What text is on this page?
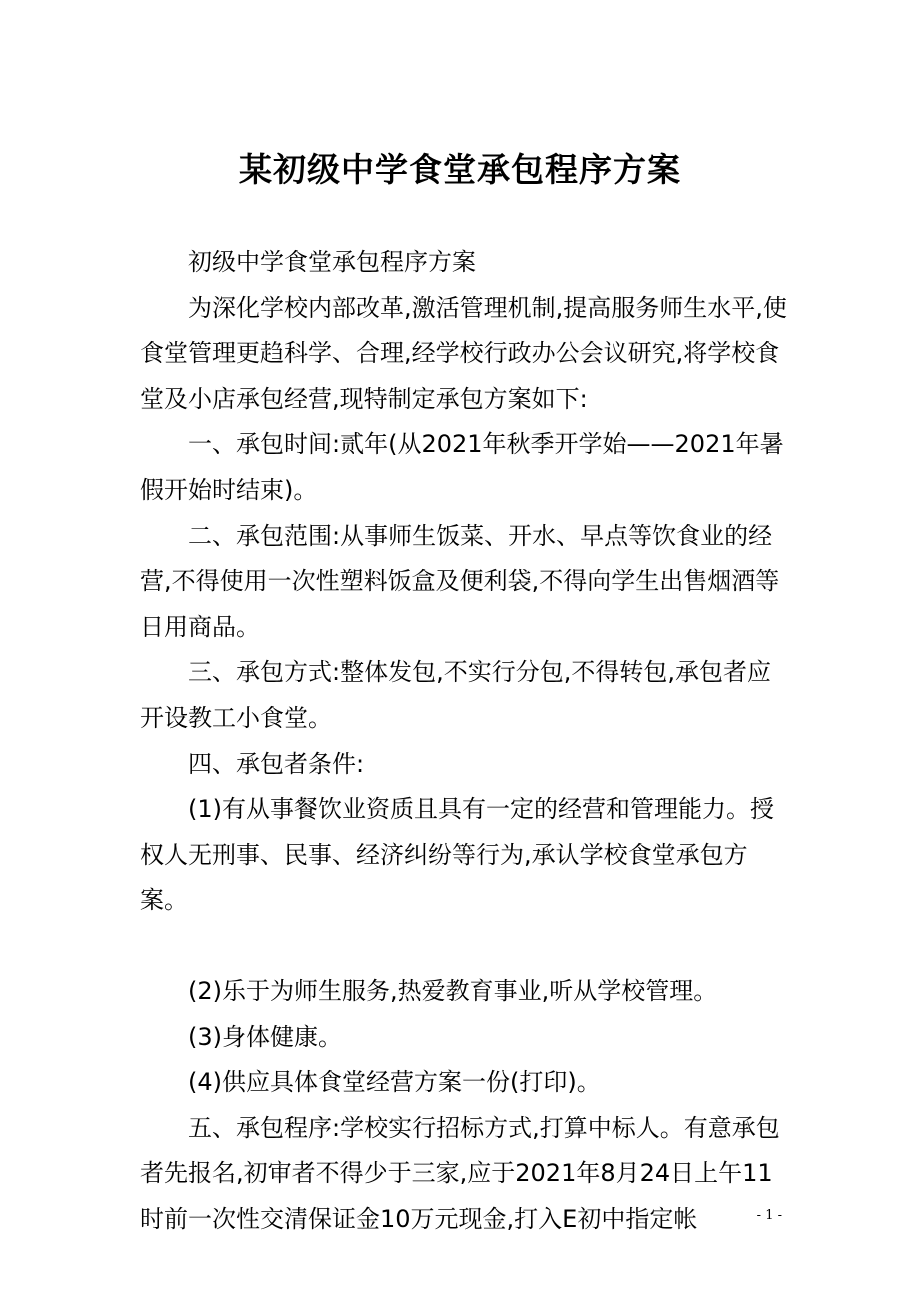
某初级中学食堂承包程序方案

初级中学食堂承包程序方案

为深化学校内部改革,激活管理机制,提高服务师生水平,使食堂管理更趋科学、合理,经学校行政办公会议研究,将学校食堂及小店承包经营,现特制定承包方案如下:

一、承包时间:贰年(从2021年秋季开学始——2021年暑假开始时结束)。

二、承包范围:从事师生饭菜、开水、早点等饮食业的经营,不得使用一次性塑料饭盒及便利袋,不得向学生出售烟酒等日用商品。

三、承包方式:整体发包,不实行分包,不得转包,承包者应开设教工小食堂。

四、承包者条件:

(1)有从事餐饮业资质且具有一定的经营和管理能力。授权人无刑事、民事、经济纠纷等行为,承认学校食堂承包方案。

(2)乐于为师生服务,热爱教育事业,听从学校管理。

(3)身体健康。

(4)供应具体食堂经营方案一份(打印)。

五、承包程序:学校实行招标方式,打算中标人。有意承包者先报名,初审者不得少于三家,应于2021年8月24日上午11时前一次性交清保证金10万元现金,打入E初中指定帐	- 1 -
